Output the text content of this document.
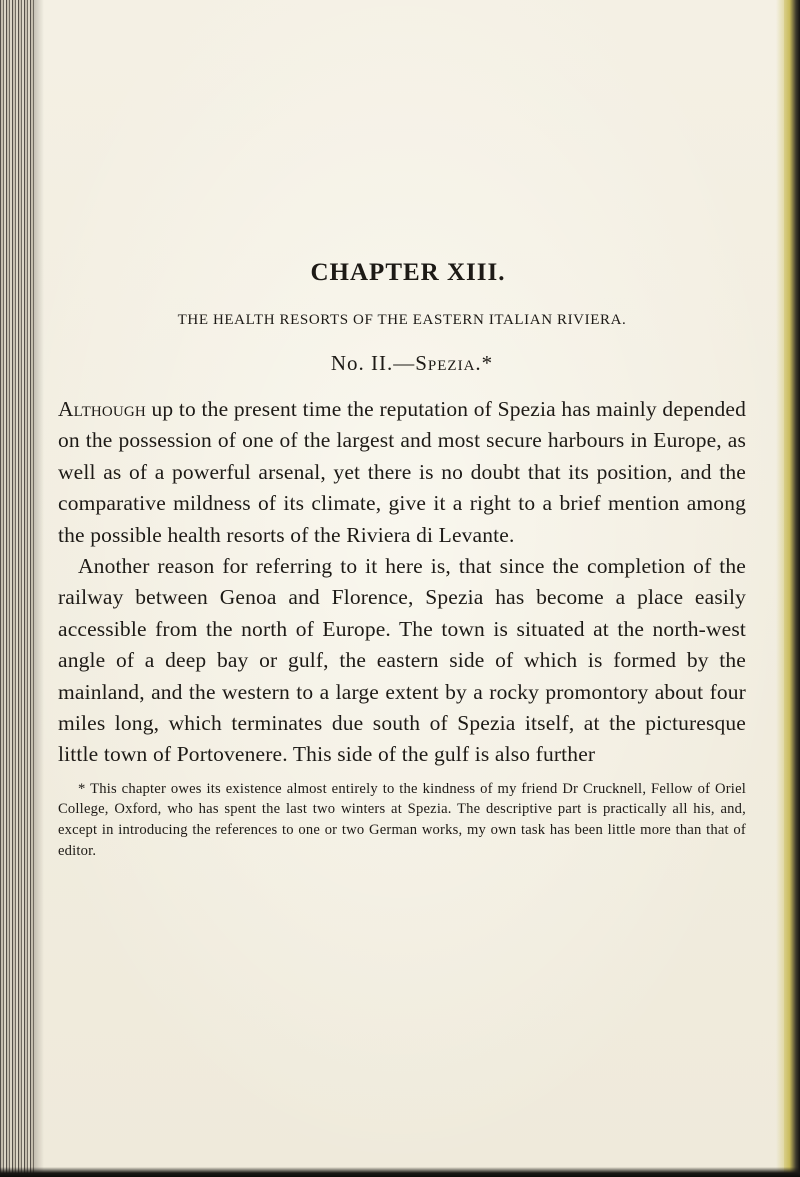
CHAPTER XIII.
THE HEALTH RESORTS OF THE EASTERN ITALIAN RIVIERA.
No. II.—Spezia.*

Although up to the present time the reputation of Spezia has mainly depended on the possession of one of the largest and most secure harbours in Europe, as well as of a powerful arsenal, yet there is no doubt that its position, and the comparative mildness of its climate, give it a right to a brief mention among the possible health resorts of the Riviera di Levante.

Another reason for referring to it here is, that since the completion of the railway between Genoa and Florence, Spezia has become a place easily accessible from the north of Europe. The town is situated at the north-west angle of a deep bay or gulf, the eastern side of which is formed by the mainland, and the western to a large extent by a rocky promontory about four miles long, which terminates due south of Spezia itself, at the picturesque little town of Portovenere. This side of the gulf is also further

* This chapter owes its existence almost entirely to the kindness of my friend Dr Crucknell, Fellow of Oriel College, Oxford, who has spent the last two winters at Spezia. The descriptive part is practically all his, and, except in introducing the references to one or two German works, my own task has been little more than that of editor.
